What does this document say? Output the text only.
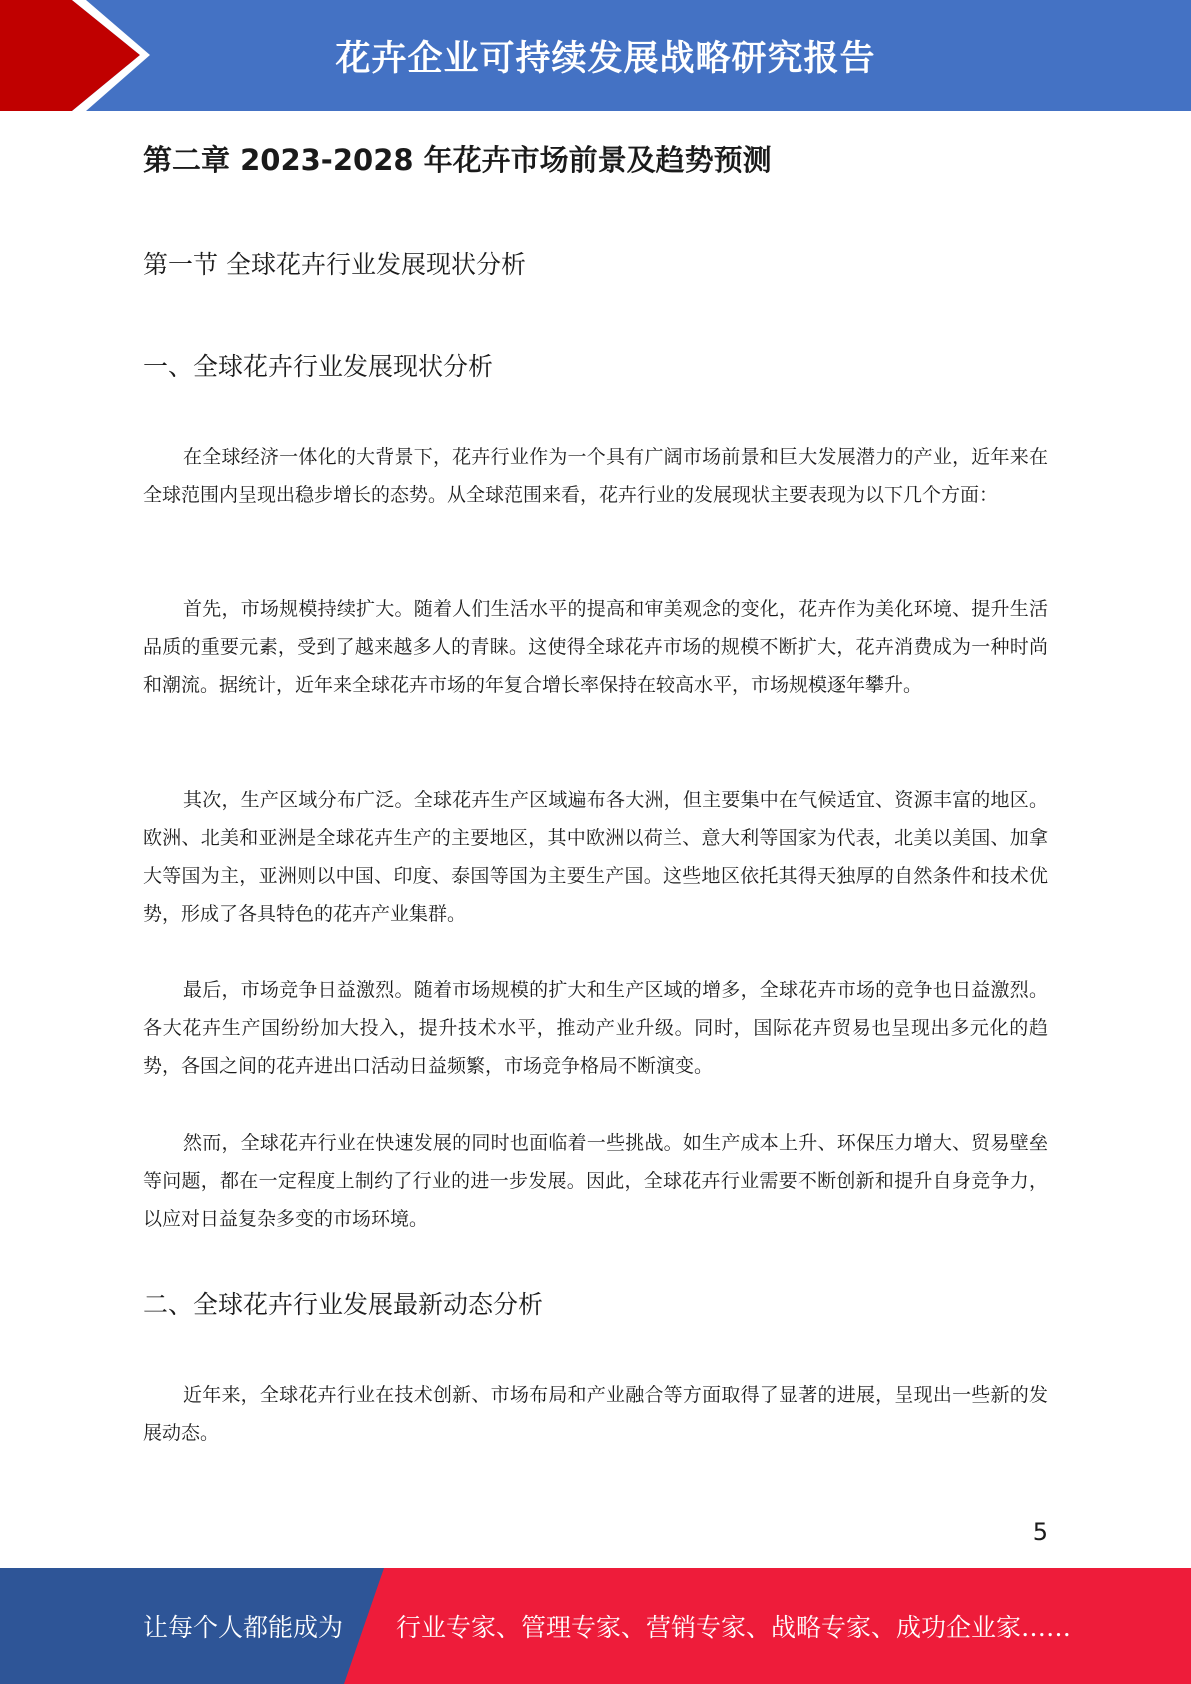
花卉企业可持续发展战略研究报告
第二章 2023-2028 年花卉市场前景及趋势预测
第一节 全球花卉行业发展现状分析
一、全球花卉行业发展现状分析

在全球经济一体化的大背景下，花卉行业作为一个具有广阔市场前景和巨大发展潜力的产业，近年来在全球范围内呈现出稳步增长的态势。从全球范围来看，花卉行业的发展现状主要表现为以下几个方面：

首先，市场规模持续扩大。随着人们生活水平的提高和审美观念的变化，花卉作为美化环境、提升生活品质的重要元素，受到了越来越多人的青睐。这使得全球花卉市场的规模不断扩大，花卉消费成为一种时尚和潮流。据统计，近年来全球花卉市场的年复合增长率保持在较高水平，市场规模逐年攀升。

其次，生产区域分布广泛。全球花卉生产区域遍布各大洲，但主要集中在气候适宜、资源丰富的地区。欧洲、北美和亚洲是全球花卉生产的主要地区，其中欧洲以荷兰、意大利等国家为代表，北美以美国、加拿大等国为主，亚洲则以中国、印度、泰国等国为主要生产国。这些地区依托其得天独厚的自然条件和技术优势，形成了各具特色的花卉产业集群。

最后，市场竞争日益激烈。随着市场规模的扩大和生产区域的增多，全球花卉市场的竞争也日益激烈。各大花卉生产国纷纷加大投入，提升技术水平，推动产业升级。同时，国际花卉贸易也呈现出多元化的趋势，各国之间的花卉进出口活动日益频繁，市场竞争格局不断演变。

然而，全球花卉行业在快速发展的同时也面临着一些挑战。如生产成本上升、环保压力增大、贸易壁垒等问题，都在一定程度上制约了行业的进一步发展。因此，全球花卉行业需要不断创新和提升自身竞争力，以应对日益复杂多变的市场环境。

二、全球花卉行业发展最新动态分析

近年来，全球花卉行业在技术创新、市场布局和产业融合等方面取得了显著的进展，呈现出一些新的发展动态。

5
让每个人都能成为 行业专家、管理专家、营销专家、战略专家、成功企业家……
